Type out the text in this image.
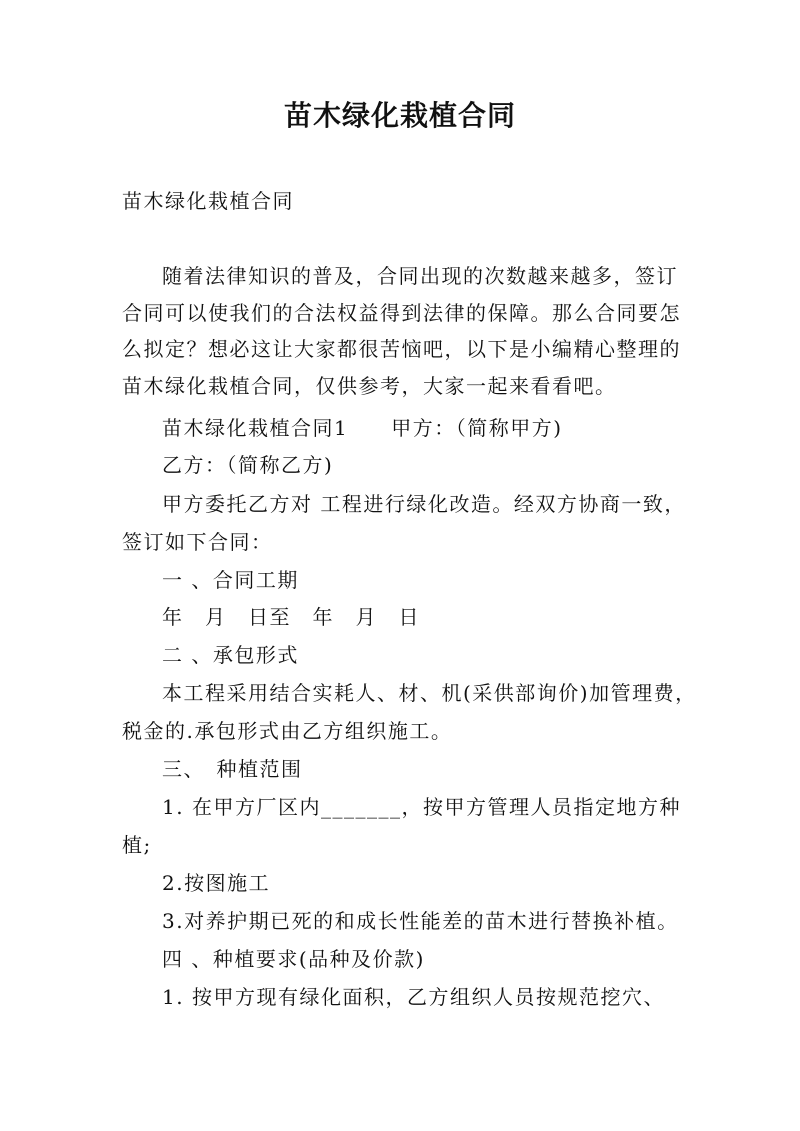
苗木绿化栽植合同
苗木绿化栽植合同
随着法律知识的普及，合同出现的次数越来越多，签订
合同可以使我们的合法权益得到法律的保障。那么合同要怎
么拟定？想必这让大家都很苦恼吧，以下是小编精心整理的
苗木绿化栽植合同，仅供参考，大家一起来看看吧。
苗木绿化栽植合同1　　甲方：（简称甲方)
乙方：（简称乙方)
甲方委托乙方对 工程进行绿化改造。经双方协商一致，
签订如下合同：
一 、合同工期
年　月　日至　年　月　日
二 、承包形式
本工程采用结合实耗人、材、机(采供部询价)加管理费，
税金的.承包形式由乙方组织施工。
三、　种植范围
1. 在甲方厂区内_______，按甲方管理人员指定地方种
植;
2.按图施工
3.对养护期已死的和成长性能差的苗木进行替换补植。
四 、种植要求(品种及价款)
1. 按甲方现有绿化面积，乙方组织人员按规范挖穴、
